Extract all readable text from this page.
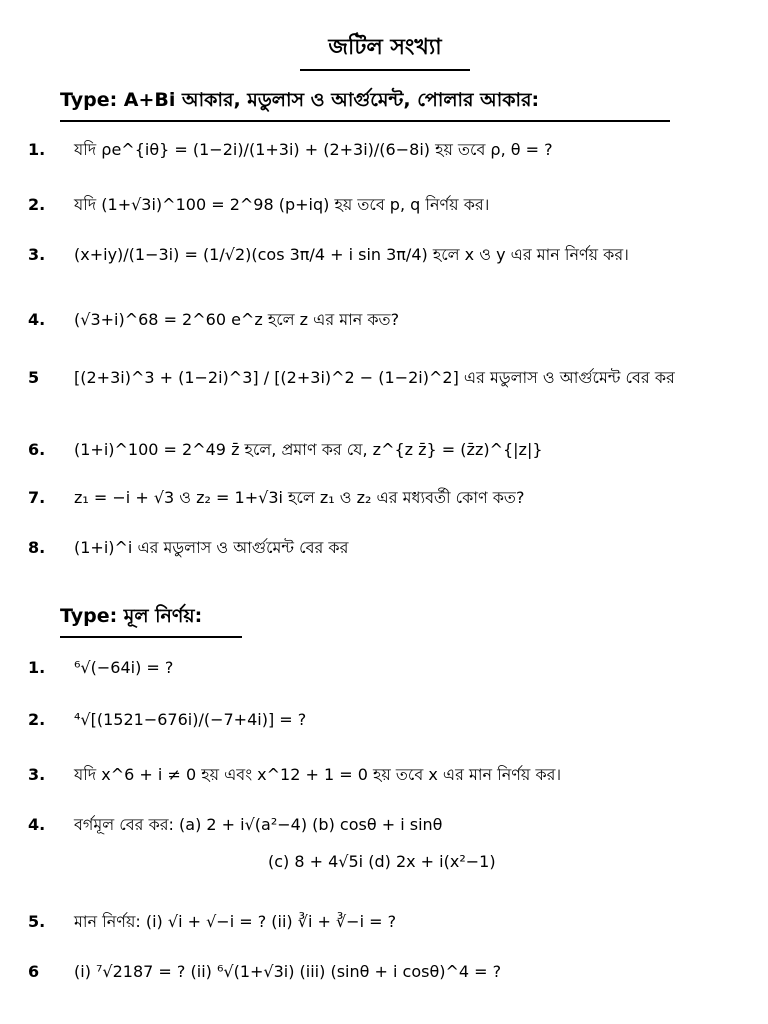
জটিল সংখ্যা
Type: A+Bi আকার, মডুলাস ও আর্গুমেন্ট, পোলার আকার:
1. যদি ρe^{iθ} = (1−2i)/(1+3i) + (2+3i)/(6−8i) হয় তবে ρ, θ = ?
2. যদি (1+√3i)^100 = 2^98 (p+iq) হয় তবে p, q নির্ণয় কর।
3. (x+iy)/(1−3i) = (1/√2)(cos 3π/4 + i sin 3π/4) হলে x ও y এর মান নির্ণয় কর।
4. (√3+i)^68 = 2^60 e^z হলে z এর মান কত?
5 [(2+3i)^3 + (1−2i)^3] / [(2+3i)^2 − (1−2i)^2] এর মডুলাস ও আর্গুমেন্ট বের কর
6. (1+i)^100 = 2^49 z̄ হলে, প্রমাণ কর যে, z^{z z̄} = (z̄z)^{|z|}
7. z₁ = −i + √3 ও z₂ = 1+√3i হলে z₁ ও z₂ এর মধ্যবর্তী কোণ কত?
8. (1+i)^i এর মডুলাস ও আর্গুমেন্ট বের কর
Type: মূল নির্ণয়:
1. ⁶√(−64i) = ?
2. ⁴√[(1521−676i)/(−7+4i)] = ?
3. যদি x^6 + i ≠ 0 হয় এবং x^12 + 1 = 0 হয় তবে x এর মান নির্ণয় কর।
4. বর্গমূল বের কর: (a) 2 + i√(a²−4) (b) cosθ + i sinθ
(c) 8 + 4√5i (d) 2x + i(x²−1)
5. মান নির্ণয়: (i) √i + √−i = ? (ii) ∛i + ∛−i = ?
6 (i) ⁷√2187 = ? (ii) ⁶√(1+√3i) (iii) (sinθ + i cosθ)^4 = ?
